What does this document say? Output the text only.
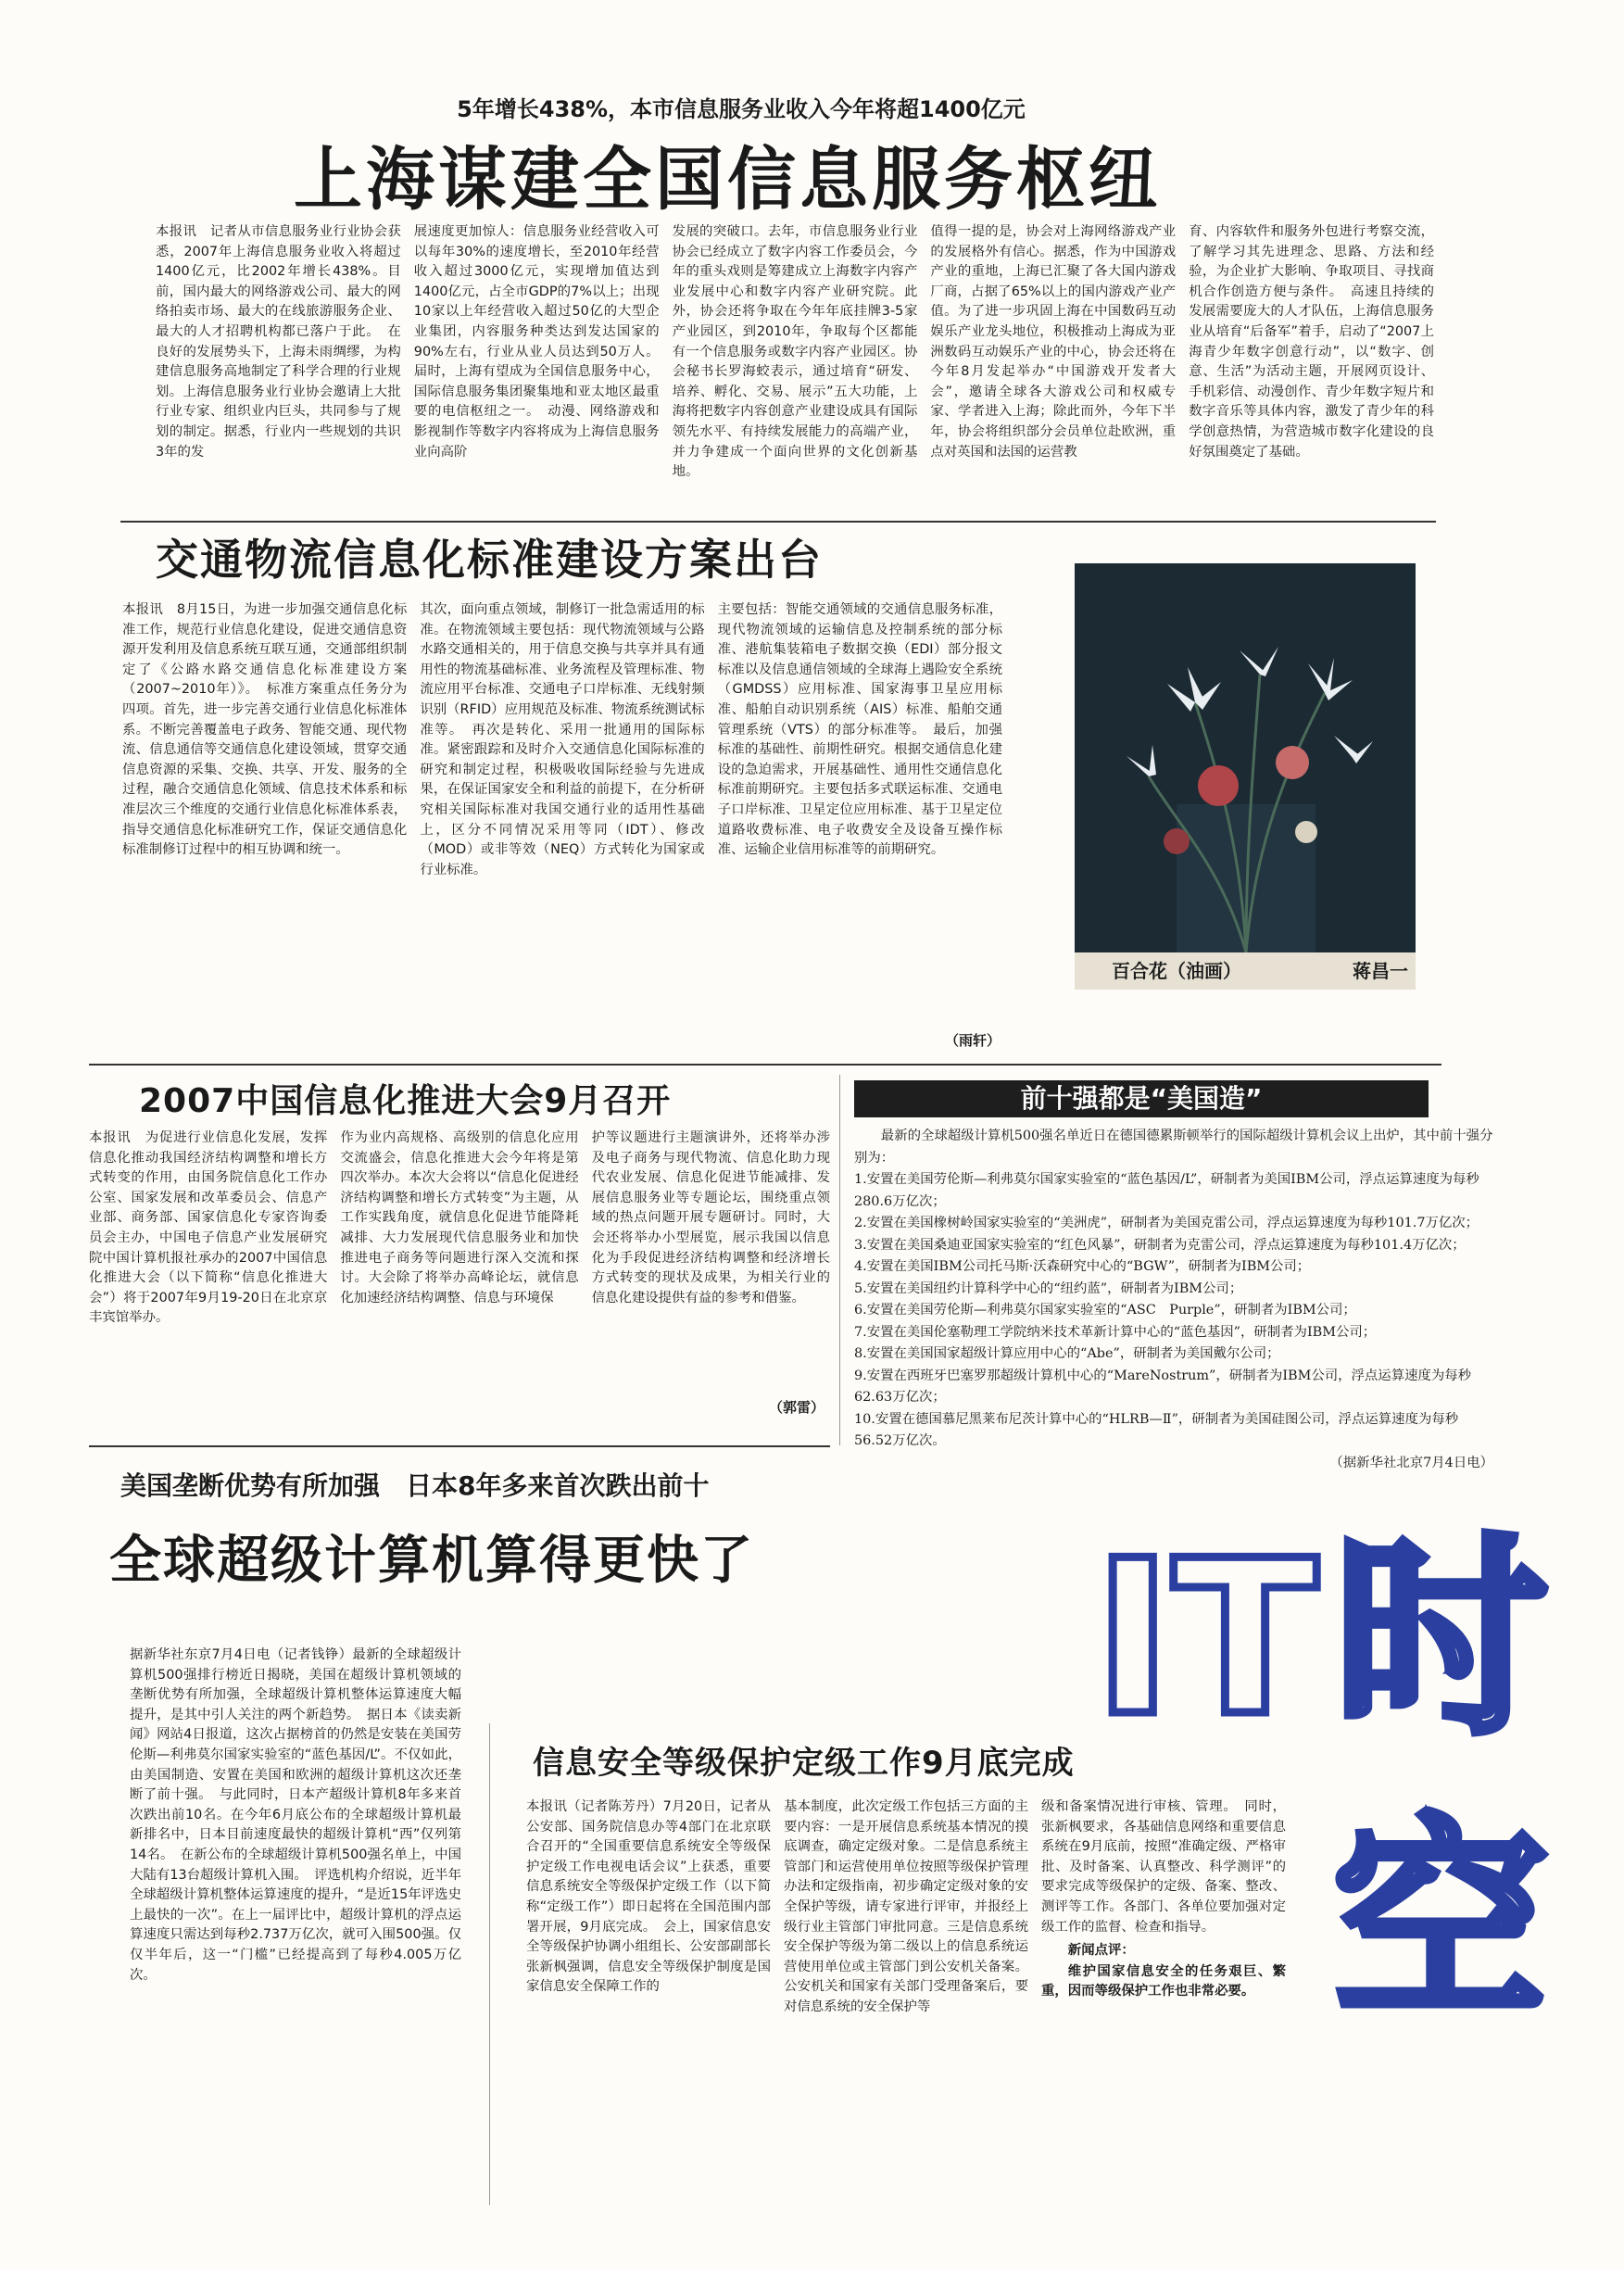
5年增长438%，本市信息服务业收入今年将超1400亿元
上海谋建全国信息服务枢纽
本报讯　记者从市信息服务业行业协会获悉，2007年上海信息服务业收入将超过1400亿元，比2002年增长438%。目前，国内最大的网络游戏公司、最大的网络拍卖市场、最大的在线旅游服务企业、最大的人才招聘机构都已落户于此。　在良好的发展势头下，上海未雨绸缪，为构建信息服务高地制定了科学合理的行业规划。上海信息服务业行业协会邀请上大批行业专家、组织业内巨头，共同参与了规划的制定。据悉，行业内一些规划的共识3年的发
展速度更加惊人：信息服务业经营收入可以每年30%的速度增长，至2010年经营收入超过3000亿元，实现增加值达到1400亿元，占全市GDP的7%以上；出现10家以上年经营收入超过50亿的大型企业集团，内容服务种类达到发达国家的90%左右，行业从业人员达到50万人。届时，上海有望成为全国信息服务中心，国际信息服务集团聚集地和亚太地区最重要的电信枢纽之一。　动漫、网络游戏和影视制作等数字内容将成为上海信息服务业向高阶
发展的突破口。去年，市信息服务业行业协会已经成立了数字内容工作委员会，今年的重头戏则是筹建成立上海数字内容产业发展中心和数字内容产业研究院。此外，协会还将争取在今年年底挂牌3-5家产业园区，到2010年，争取每个区都能有一个信息服务或数字内容产业园区。协会秘书长罗海蛟表示，通过培育“研发、培养、孵化、交易、展示”五大功能，上海将把数字内容创意产业建设成具有国际领先水平、有持续发展能力的高端产业，并力争建成一个面向世界的文化创新基地。
值得一提的是，协会对上海网络游戏产业的发展格外有信心。据悉，作为中国游戏产业的重地，上海已汇聚了各大国内游戏厂商，占据了65%以上的国内游戏产业产值。为了进一步巩固上海在中国数码互动娱乐产业龙头地位，积极推动上海成为亚洲数码互动娱乐产业的中心，协会还将在今年8月发起举办“中国游戏开发者大会”，邀请全球各大游戏公司和权威专家、学者进入上海；除此而外，今年下半年，协会将组织部分会员单位赴欧洲，重点对英国和法国的运营教
育、内容软件和服务外包进行考察交流，了解学习其先进理念、思路、方法和经验，为企业扩大影响、争取项目、寻找商机合作创造方便与条件。　高速且持续的发展需要庞大的人才队伍，上海信息服务业从培育“后备军”着手，启动了“2007上海青少年数字创意行动”，以“数字、创意、生活”为活动主题，开展网页设计、手机彩信、动漫创作、青少年数字短片和数字音乐等具体内容，激发了青少年的科学创意热情，为营造城市数字化建设的良好氛围奠定了基础。
交通物流信息化标准建设方案出台
本报讯　8月15日，为进一步加强交通信息化标准工作，规范行业信息化建设，促进交通信息资源开发利用及信息系统互联互通，交通部组织制定了《公路水路交通信息化标准建设方案（2007~2010年）》。　标准方案重点任务分为四项。首先，进一步完善交通行业信息化标准体系。不断完善覆盖电子政务、智能交通、现代物流、信息通信等交通信息化建设领域，贯穿交通信息资源的采集、交换、共享、开发、服务的全过程，融合交通信息化领域、信息技术体系和标准层次三个维度的交通行业信息化标准体系表，指导交通信息化标准研究工作，保证交通信息化标准制修订过程中的相互协调和统一。
其次，面向重点领域，制修订一批急需适用的标准。在物流领域主要包括：现代物流领域与公路水路交通相关的，用于信息交换与共享并具有通用性的物流基础标准、业务流程及管理标准、物流应用平台标准、交通电子口岸标准、无线射频识别（RFID）应用规范及标准、物流系统测试标准等。　再次是转化、采用一批通用的国际标准。紧密跟踪和及时介入交通信息化国际标准的研究和制定过程，积极吸收国际经验与先进成果，在保证国家安全和利益的前提下，在分析研究相关国际标准对我国交通行业的适用性基础上，区分不同情况采用等同（IDT）、修改（MOD）或非等效（NEQ）方式转化为国家或行业标准。
主要包括：智能交通领域的交通信息服务标准，现代物流领域的运输信息及控制系统的部分标准、港航集装箱电子数据交换（EDI）部分报文标准以及信息通信领域的全球海上遇险安全系统（GMDSS）应用标准、国家海事卫星应用标准、船舶自动识别系统（AIS）标准、船舶交通管理系统（VTS）的部分标准等。　最后，加强标准的基础性、前期性研究。根据交通信息化建设的急迫需求，开展基础性、通用性交通信息化标准前期研究。主要包括多式联运标准、交通电子口岸标准、卫星定位应用标准、基于卫星定位道路收费标准、电子收费安全及设备互操作标准、运输企业信用标准等的前期研究。
（雨轩）
百合花（油画）	蒋昌一
2007中国信息化推进大会9月召开
本报讯　为促进行业信息化发展，发挥信息化推动我国经济结构调整和增长方式转变的作用，由国务院信息化工作办公室、国家发展和改革委员会、信息产业部、商务部、国家信息化专家咨询委员会主办，中国电子信息产业发展研究院中国计算机报社承办的2007中国信息化推进大会（以下简称“信息化推进大会”）将于2007年9月19-20日在北京京丰宾馆举办。
作为业内高规格、高级别的信息化应用交流盛会，信息化推进大会今年将是第四次举办。本次大会将以“信息化促进经济结构调整和增长方式转变”为主题，从工作实践角度，就信息化促进节能降耗减排、大力发展现代信息服务业和加快推进电子商务等问题进行深入交流和探讨。大会除了将举办高峰论坛，就信息化加速经济结构调整、信息与环境保
护等议题进行主题演讲外，还将举办涉及电子商务与现代物流、信息化助力现代农业发展、信息化促进节能减排、发展信息服务业等专题论坛，围绕重点领域的热点问题开展专题研讨。同时，大会还将举办小型展览，展示我国以信息化为手段促进经济结构调整和经济增长方式转变的现状及成果，为相关行业的信息化建设提供有益的参考和借鉴。
（郭雷）
前十强都是“美国造”

最新的全球超级计算机500强名单近日在德国德累斯顿举行的国际超级计算机会议上出炉，其中前十强分别为：

1.安置在美国劳伦斯—利弗莫尔国家实验室的“蓝色基因/L”，研制者为美国IBM公司，浮点运算速度为每秒280.6万亿次；

2.安置在美国橡树岭国家实验室的“美洲虎”，研制者为美国克雷公司，浮点运算速度为每秒101.7万亿次；

3.安置在美国桑迪亚国家实验室的“红色风暴”，研制者为克雷公司，浮点运算速度为每秒101.4万亿次；

4.安置在美国IBM公司托马斯·沃森研究中心的“BGW”，研制者为IBM公司；

5.安置在美国纽约计算科学中心的“纽约蓝”，研制者为IBM公司；

6.安置在美国劳伦斯—利弗莫尔国家实验室的“ASC　Purple”，研制者为IBM公司；

7.安置在美国伦塞勒理工学院纳米技术革新计算中心的“蓝色基因”，研制者为IBM公司；

8.安置在美国国家超级计算应用中心的“Abe”，研制者为美国戴尔公司；

9.安置在西班牙巴塞罗那超级计算机中心的“MareNostrum”，研制者为IBM公司，浮点运算速度为每秒62.63万亿次；

10.安置在德国慕尼黑莱布尼茨计算中心的“HLRB—Ⅱ”，研制者为美国硅图公司，浮点运算速度为每秒56.52万亿次。

（据新华社北京7月4日电）

美国垄断优势有所加强　日本8年多来首次跌出前十
全球超级计算机算得更快了
据新华社东京7月4日电（记者钱铮）最新的全球超级计算机500强排行榜近日揭晓，美国在超级计算机领域的垄断优势有所加强，全球超级计算机整体运算速度大幅提升，是其中引人关注的两个新趋势。　据日本《读卖新闻》网站4日报道，这次占据榜首的仍然是安装在美国劳伦斯—利弗莫尔国家实验室的“蓝色基因/L”。不仅如此，由美国制造、安置在美国和欧洲的超级计算机这次还垄断了前十强。　与此同时，日本产超级计算机8年多来首次跌出前10名。在今年6月底公布的全球超级计算机最新排名中，日本目前速度最快的超级计算机“西”仅列第14名。　在新公布的全球超级计算机500强名单上，中国大陆有13台超级计算机入围。　评选机构介绍说，近半年全球超级计算机整体运算速度的提升，“是近15年评选史上最快的一次”。在上一届评比中，超级计算机的浮点运算速度只需达到每秒2.737万亿次，就可入围500强。仅仅半年后，这一“门槛”已经提高到了每秒4.005万亿次。
IT 时
空
信息安全等级保护定级工作9月底完成
本报讯（记者陈芳丹）7月20日，记者从公安部、国务院信息办等4部门在北京联合召开的“全国重要信息系统安全等级保护定级工作电视电话会议”上获悉，重要信息系统安全等级保护定级工作（以下简称“定级工作”）即日起将在全国范围内部署开展，9月底完成。　会上，国家信息安全等级保护协调小组组长、公安部副部长张新枫强调，信息安全等级保护制度是国家信息安全保障工作的
基本制度，此次定级工作包括三方面的主要内容：一是开展信息系统基本情况的摸底调查，确定定级对象。二是信息系统主管部门和运营使用单位按照等级保护管理办法和定级指南，初步确定定级对象的安全保护等级，请专家进行评审，并报经上级行业主管部门审批同意。三是信息系统安全保护等级为第二级以上的信息系统运营使用单位或主管部门到公安机关备案。公安机关和国家有关部门受理备案后，要对信息系统的安全保护等
级和备案情况进行审核、管理。　同时，张新枫要求，各基础信息网络和重要信息系统在9月底前，按照“准确定级、严格审批、及时备案、认真整改、科学测评”的要求完成等级保护的定级、备案、整改、测评等工作。各部门、各单位要加强对定级工作的监督、检查和指导。
新闻点评：
维护国家信息安全的任务艰巨、繁重，因而等级保护工作也非常必要。
